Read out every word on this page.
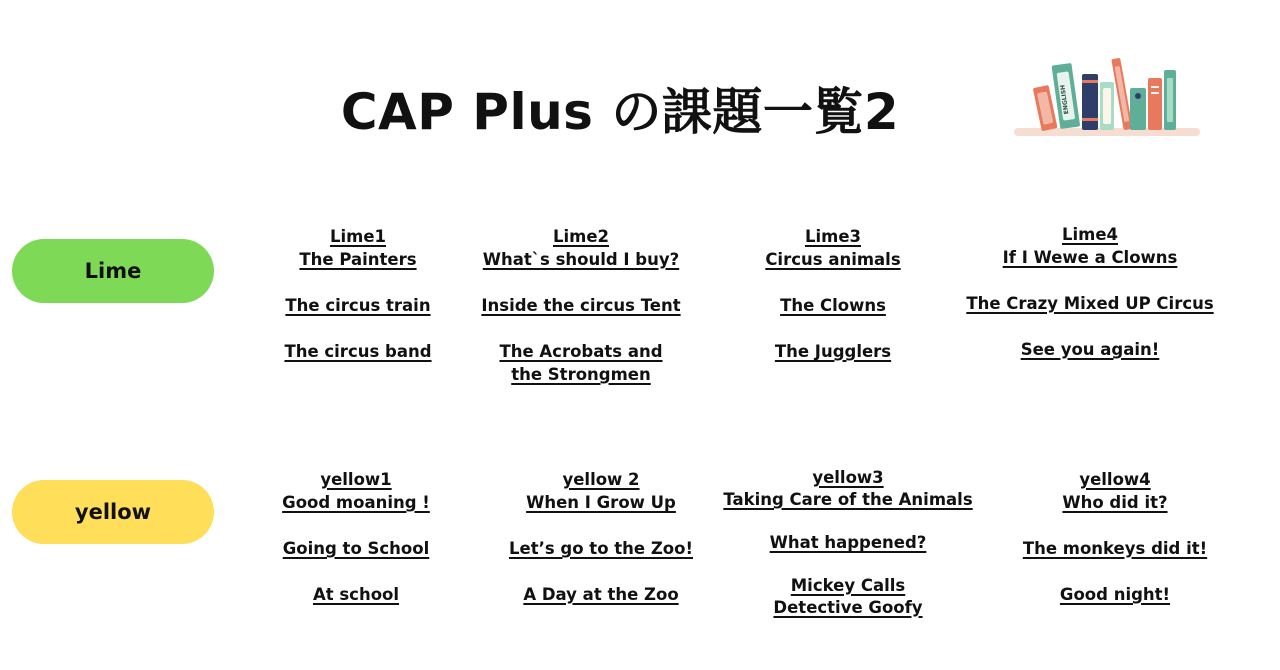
CAP Plus の課題一覧2	ENGLISH
Lime
yellow
Lime1
The Painters
The circus train
The circus band
Lime2
What`s should I buy?
Inside the circus Tent
The Acrobats and the Strongmen
Lime3
Circus animals
The Clowns
The Jugglers
Lime4
If I Wewe a Clowns
The Crazy Mixed UP Circus
See you again!
yellow1
Good moaning !
Going to School
At school
yellow 2
When I Grow Up
Let’s go to the Zoo!
A Day at the Zoo
yellow3
Taking Care of the Animals
What happened?
Mickey Calls Detective Goofy
yellow4
Who did it?
The monkeys did it!
Good night!
